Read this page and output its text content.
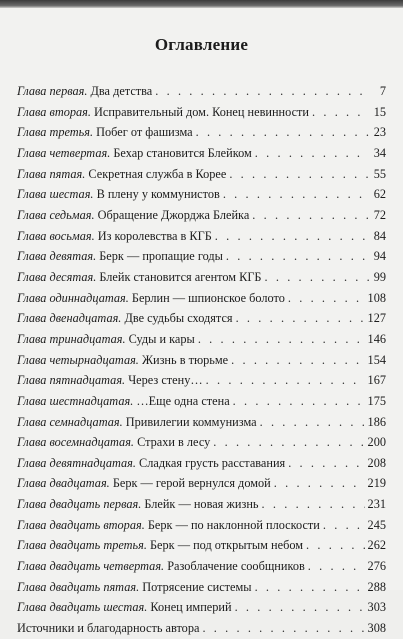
Оглавление
Глава первая. Два детства . . .	7
Глава вторая. Исправительный дом. Конец невинности . . .	15
Глава третья. Побег от фашизма . . .	23
Глава четвертая. Бехар становится Блейком . . .	34
Глава пятая. Секретная служба в Корее . . .	55
Глава шестая. В плену у коммунистов . . .	62
Глава седьмая. Обращение Джорджа Блейка . . .	72
Глава восьмая. Из королевства в КГБ . . .	84
Глава девятая. Берк — пропащие годы . . .	94
Глава десятая. Блейк становится агентом КГБ . . .	99
Глава одиннадцатая. Берлин — шпионское болото . . .	108
Глава двенадцатая. Две судьбы сходятся . . .	127
Глава тринадцатая. Суды и кары . . .	146
Глава четырнадцатая. Жизнь в тюрьме . . .	154
Глава пятнадцатая. Через стену… . . .	167
Глава шестнадцатая. …Еще одна стена . . .	175
Глава семнадцатая. Привилегии коммунизма . . .	186
Глава восемнадцатая. Страхи в лесу . . .	200
Глава девятнадцатая. Сладкая грусть расставания . . .	208
Глава двадцатая. Берк — герой вернулся домой . . .	219
Глава двадцать первая. Блейк — новая жизнь . . .	231
Глава двадцать вторая. Берк — по наклонной плоскости . . .	245
Глава двадцать третья. Берк — под открытым небом . . .	262
Глава двадцать четвертая. Разоблачение сообщников . . .	276
Глава двадцать пятая. Потрясение системы . . .	288
Глава двадцать шестая. Конец империй . . .	303
Источники и благодарность автора . . .	308
